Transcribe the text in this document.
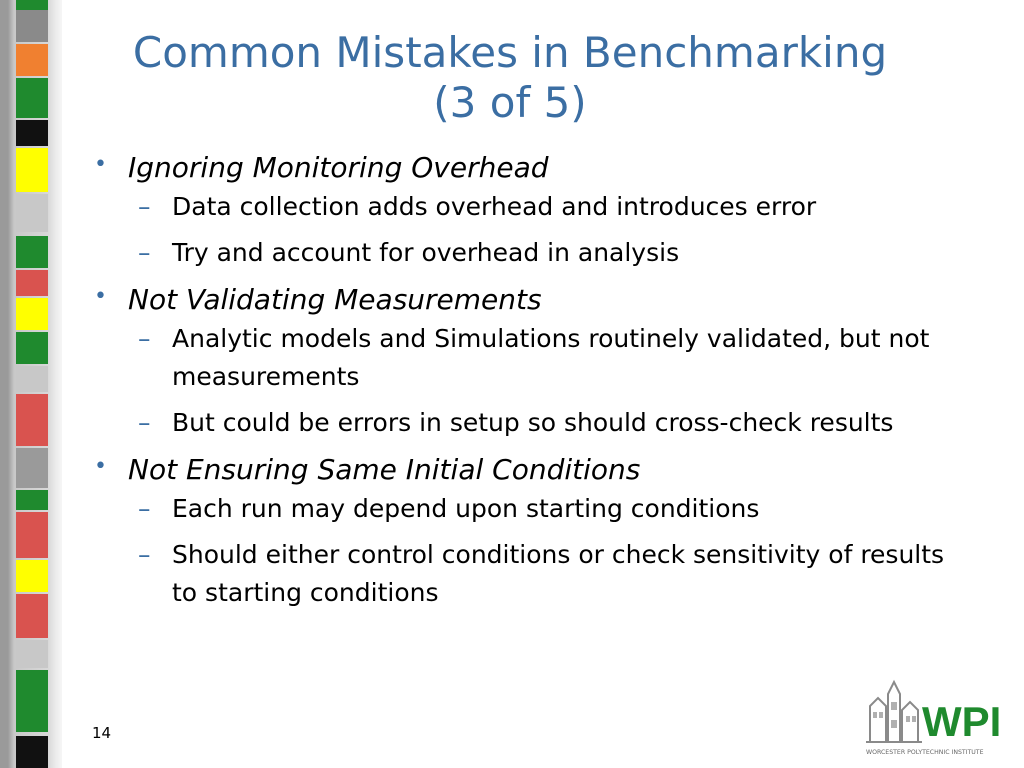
Common Mistakes in Benchmarking
(3 of 5)
• Ignoring Monitoring Overhead
– Data collection adds overhead and introduces error
– Try and account for overhead in analysis
• Not Validating Measurements
– Analytic models and Simulations routinely validated, but not measurements
– But could be errors in setup so should cross-check results
• Not Ensuring Same Initial Conditions
– Each run may depend upon starting conditions
– Should either control conditions or check sensitivity of results to starting conditions
14	WPI
WORCESTER POLYTECHNIC INSTITUTE
